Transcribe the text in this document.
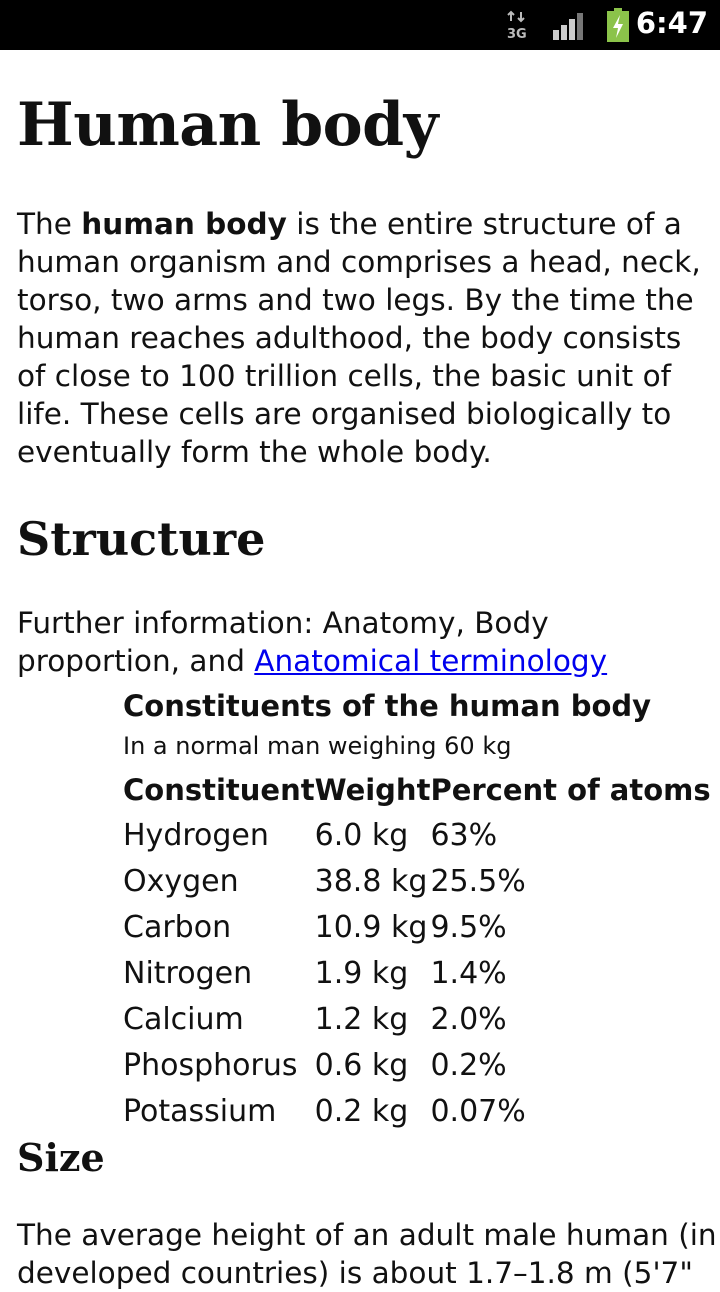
3G	6:47
Human body

The human body is the entire structure of a human organism and comprises a head, neck, torso, two arms and two legs. By the time the human reaches adulthood, the body consists of close to 100 trillion cells, the basic unit of life. These cells are organised biologically to eventually form the whole body.

Structure

Further information: Anatomy, Body proportion, and Anatomical terminology

Constituents of the human body

In a normal man weighing 60 kg

Constituent	Weight	Percent of atoms
Hydrogen	6.0 kg	63%
Oxygen	38.8 kg	25.5%
Carbon	10.9 kg	9.5%
Nitrogen	1.9 kg	1.4%
Calcium	1.2 kg	2.0%
Phosphorus	0.6 kg	0.2%
Potassium	0.2 kg	0.07%
Size

The average height of an adult male human (in developed countries) is about 1.7–1.8 m (5'7"
